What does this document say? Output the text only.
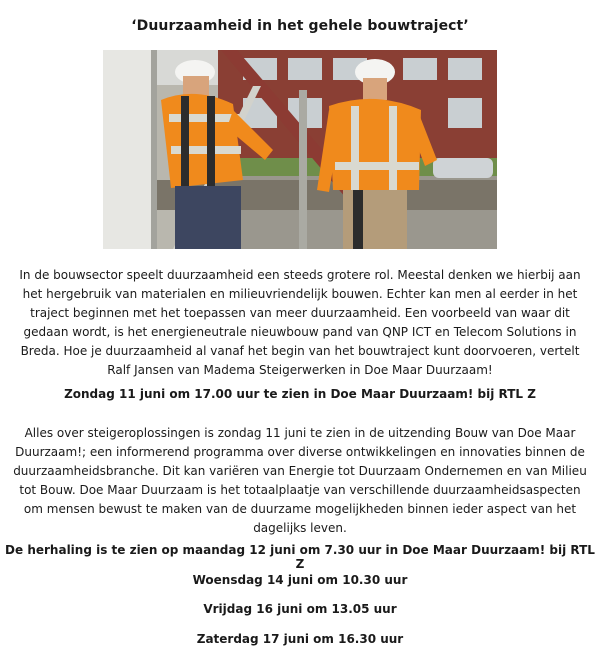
‘Duurzaamheid in het gehele bouwtraject’

In de bouwsector speelt duurzaamheid een steeds grotere rol. Meestal denken we hierbij aan het hergebruik van materialen en milieuvriendelijk bouwen. Echter kan men al eerder in het traject beginnen met het toepassen van meer duurzaamheid. Een voorbeeld van waar dit gedaan wordt, is het energieneutrale nieuwbouw pand van QNP ICT en Telecom Solutions in Breda. Hoe je duurzaamheid al vanaf het begin van het bouwtraject kunt doorvoeren, vertelt Ralf Jansen van Madema Steigerwerken in Doe Maar Duurzaam!

Zondag 11 juni om 17.00 uur te zien in Doe Maar Duurzaam! bij RTL Z

Alles over steigeroplossingen is zondag 11 juni te zien in de uitzending Bouw van Doe Maar Duurzaam!; een informerend programma over diverse ontwikkelingen en innovaties binnen de duurzaamheidsbranche. Dit kan variëren van Energie tot Duurzaam Ondernemen en van Milieu tot Bouw. Doe Maar Duurzaam is het totaalplaatje van verschillende duurzaamheidsaspecten om mensen bewust te maken van de duurzame mogelijkheden binnen ieder aspect van het dagelijks leven.

De herhaling is te zien op maandag 12 juni om 7.30 uur in Doe Maar Duurzaam! bij RTL Z

Woensdag 14 juni om 10.30 uur

Vrijdag 16 juni om 13.05 uur

Zaterdag 17 juni om 16.30 uur
